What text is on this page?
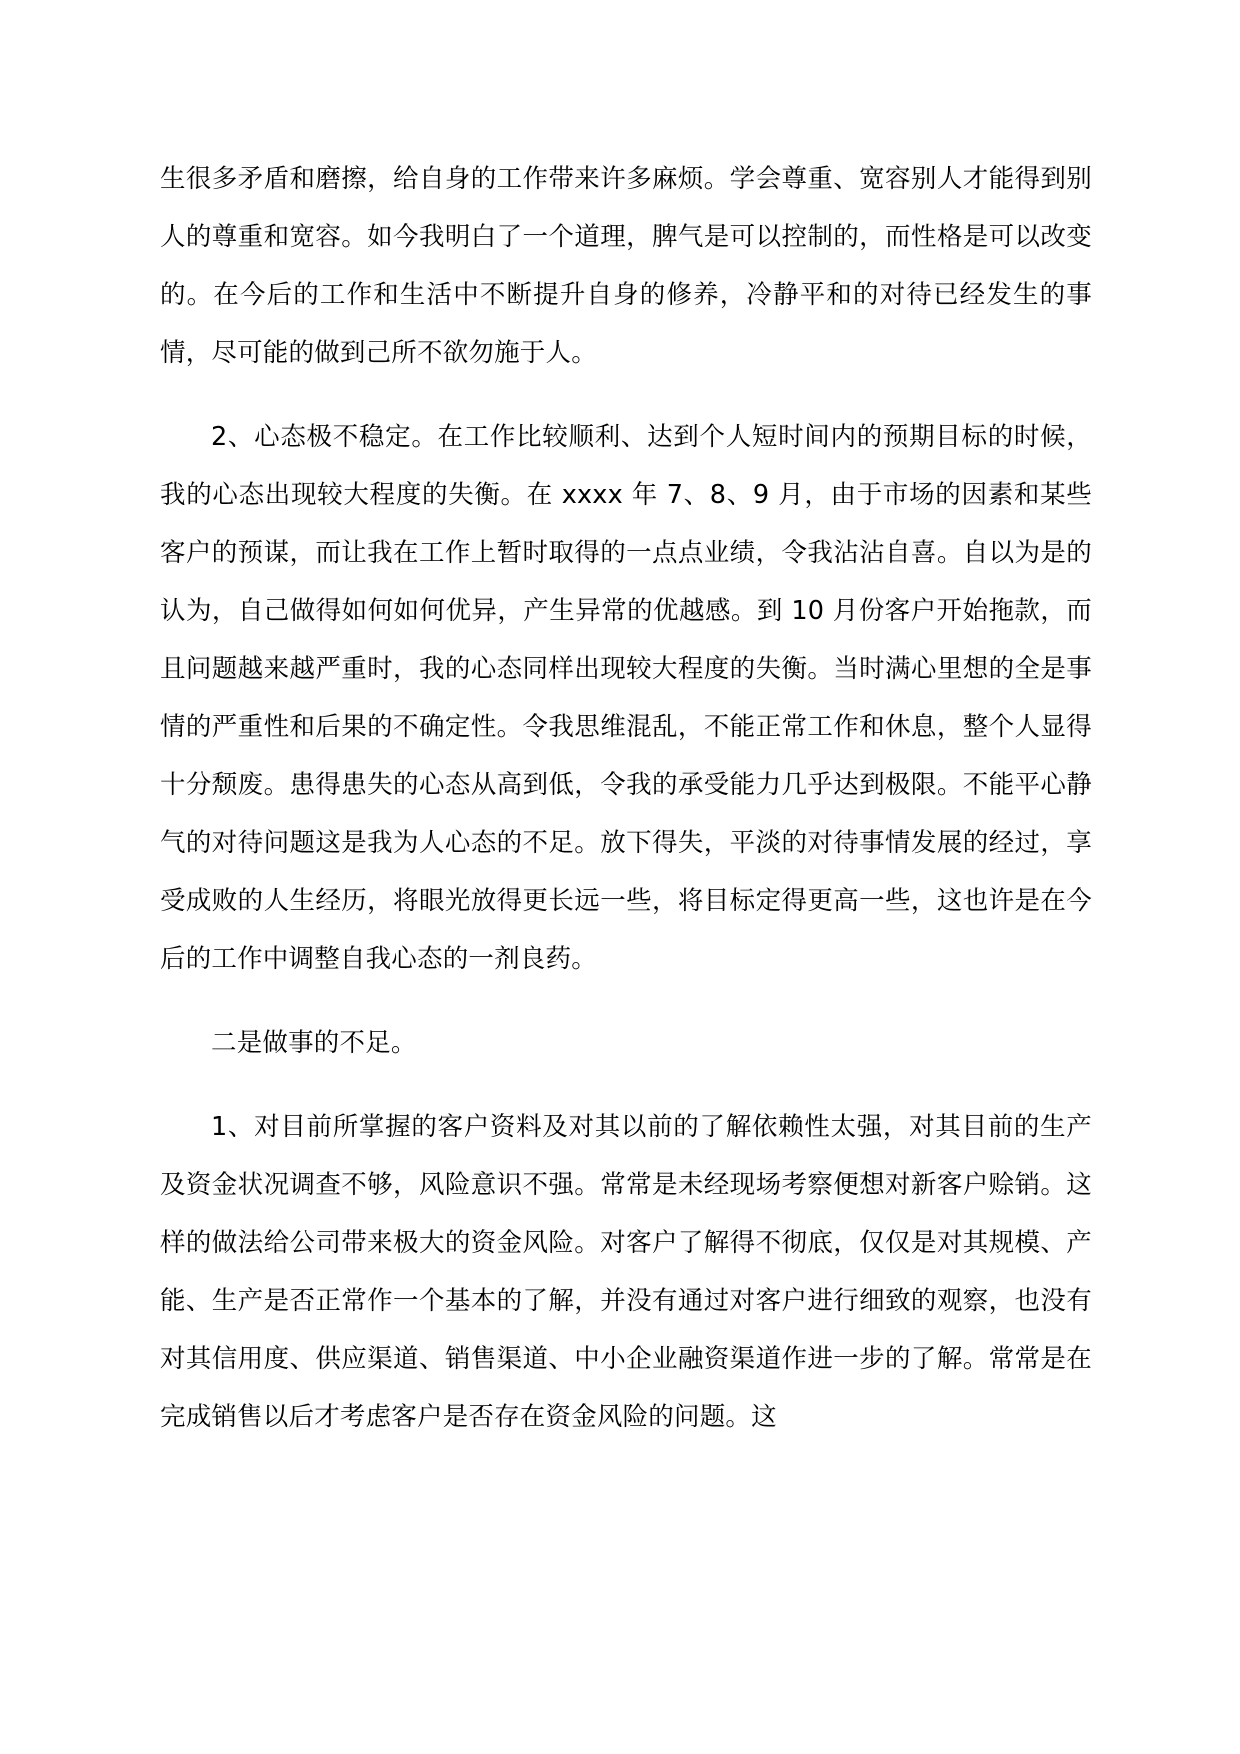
生很多矛盾和磨擦，给自身的工作带来许多麻烦。学会尊重、宽容别人才能得到别人的尊重和宽容。如今我明白了一个道理，脾气是可以控制的，而性格是可以改变的。在今后的工作和生活中不断提升自身的修养，冷静平和的对待已经发生的事情，尽可能的做到己所不欲勿施于人。

2、心态极不稳定。在工作比较顺利、达到个人短时间内的预期目标的时候，我的心态出现较大程度的失衡。在 xxxx 年 7、8、9 月，由于市场的因素和某些客户的预谋，而让我在工作上暂时取得的一点点业绩，令我沾沾自喜。自以为是的认为，自己做得如何如何优异，产生异常的优越感。到 10 月份客户开始拖款，而且问题越来越严重时，我的心态同样出现较大程度的失衡。当时满心里想的全是事情的严重性和后果的不确定性。令我思维混乱，不能正常工作和休息，整个人显得十分颓废。患得患失的心态从高到低，令我的承受能力几乎达到极限。不能平心静气的对待问题这是我为人心态的不足。放下得失，平淡的对待事情发展的经过，享受成败的人生经历，将眼光放得更长远一些，将目标定得更高一些，这也许是在今后的工作中调整自我心态的一剂良药。

二是做事的不足。

1、对目前所掌握的客户资料及对其以前的了解依赖性太强，对其目前的生产及资金状况调查不够，风险意识不强。常常是未经现场考察便想对新客户赊销。这样的做法给公司带来极大的资金风险。对客户了解得不彻底，仅仅是对其规模、产能、生产是否正常作一个基本的了解，并没有通过对客户进行细致的观察，也没有对其信用度、供应渠道、销售渠道、中小企业融资渠道作进一步的了解。常常是在完成销售以后才考虑客户是否存在资金风险的问题。这
